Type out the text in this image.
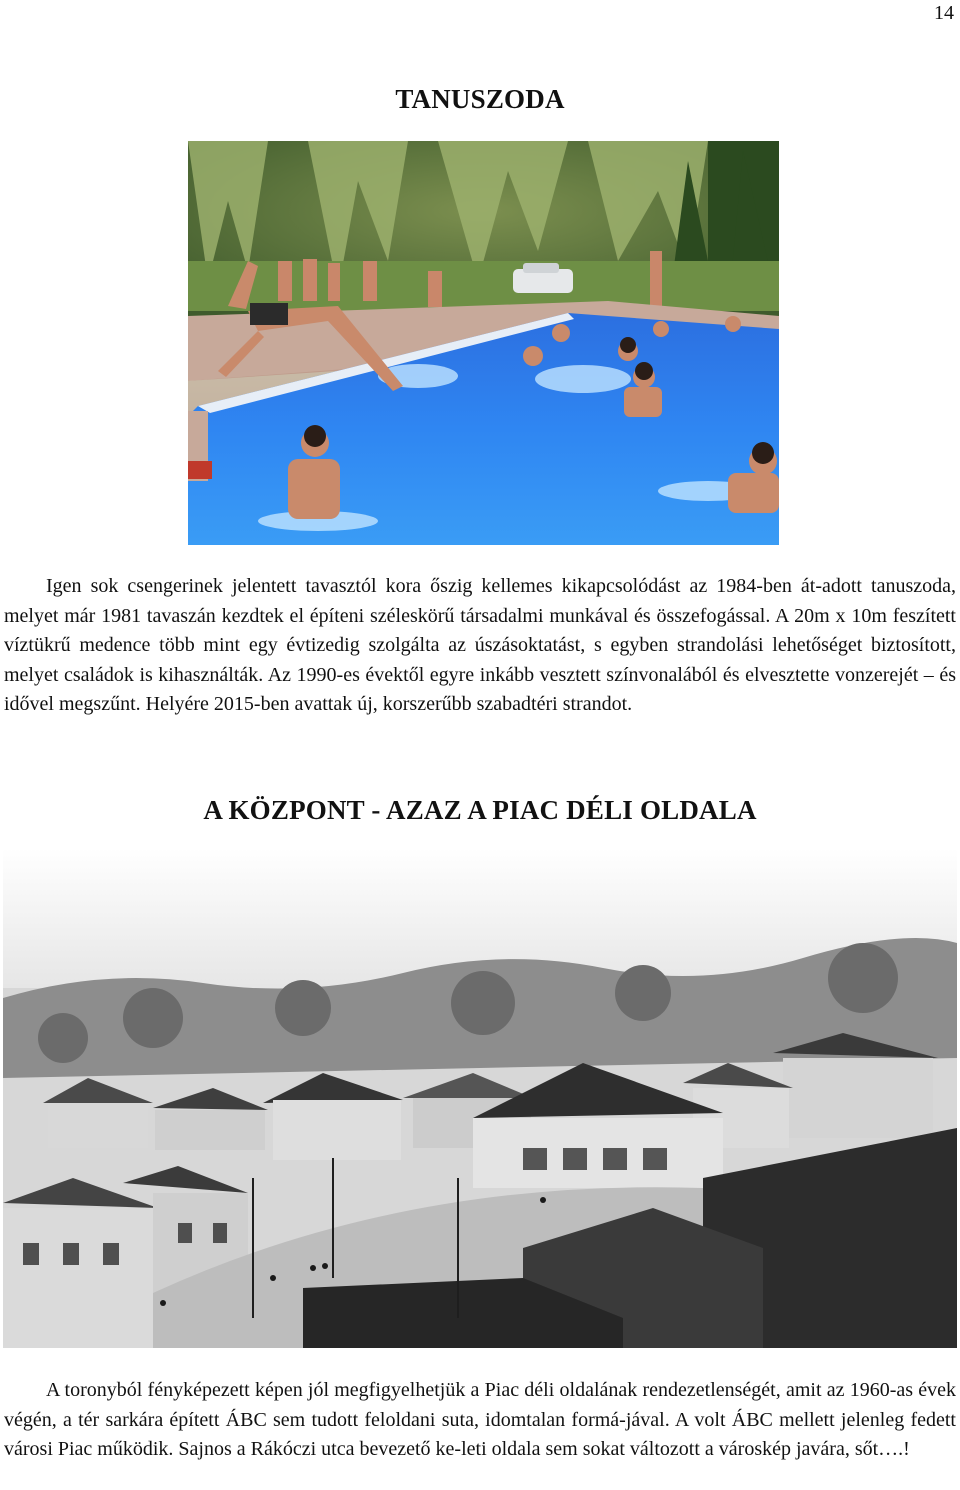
14
TANUSZODA

Igen sok csengerinek jelentett tavasztól kora őszig kellemes kikapcsolódást az 1984-ben át-adott tanuszoda, melyet már 1981 tavaszán kezdtek el építeni széleskörű társadalmi munkával és összefogással. A 20m x 10m feszített víztükrű medence több mint egy évtizedig szolgálta az úszásoktatást, s egyben strandolási lehetőséget biztosított, melyet családok is kihasználták. Az 1990-es évektől egyre inkább vesztett színvonalából és elvesztette vonzerejét – és idővel megszűnt. Helyére 2015-ben avattak új, korszerűbb szabadtéri strandot.

A KÖZPONT - AZAZ A PIAC DÉLI OLDALA

A toronyból fényképezett képen jól megfigyelhetjük a Piac déli oldalának rendezetlenségét, amit az 1960-as évek végén, a tér sarkára épített ÁBC sem tudott feloldani suta, idomtalan formá-jával. A volt ÁBC mellett jelenleg fedett városi Piac működik. Sajnos a Rákóczi utca bevezető ke-leti oldala sem sokat változott a városkép javára, sőt….!
